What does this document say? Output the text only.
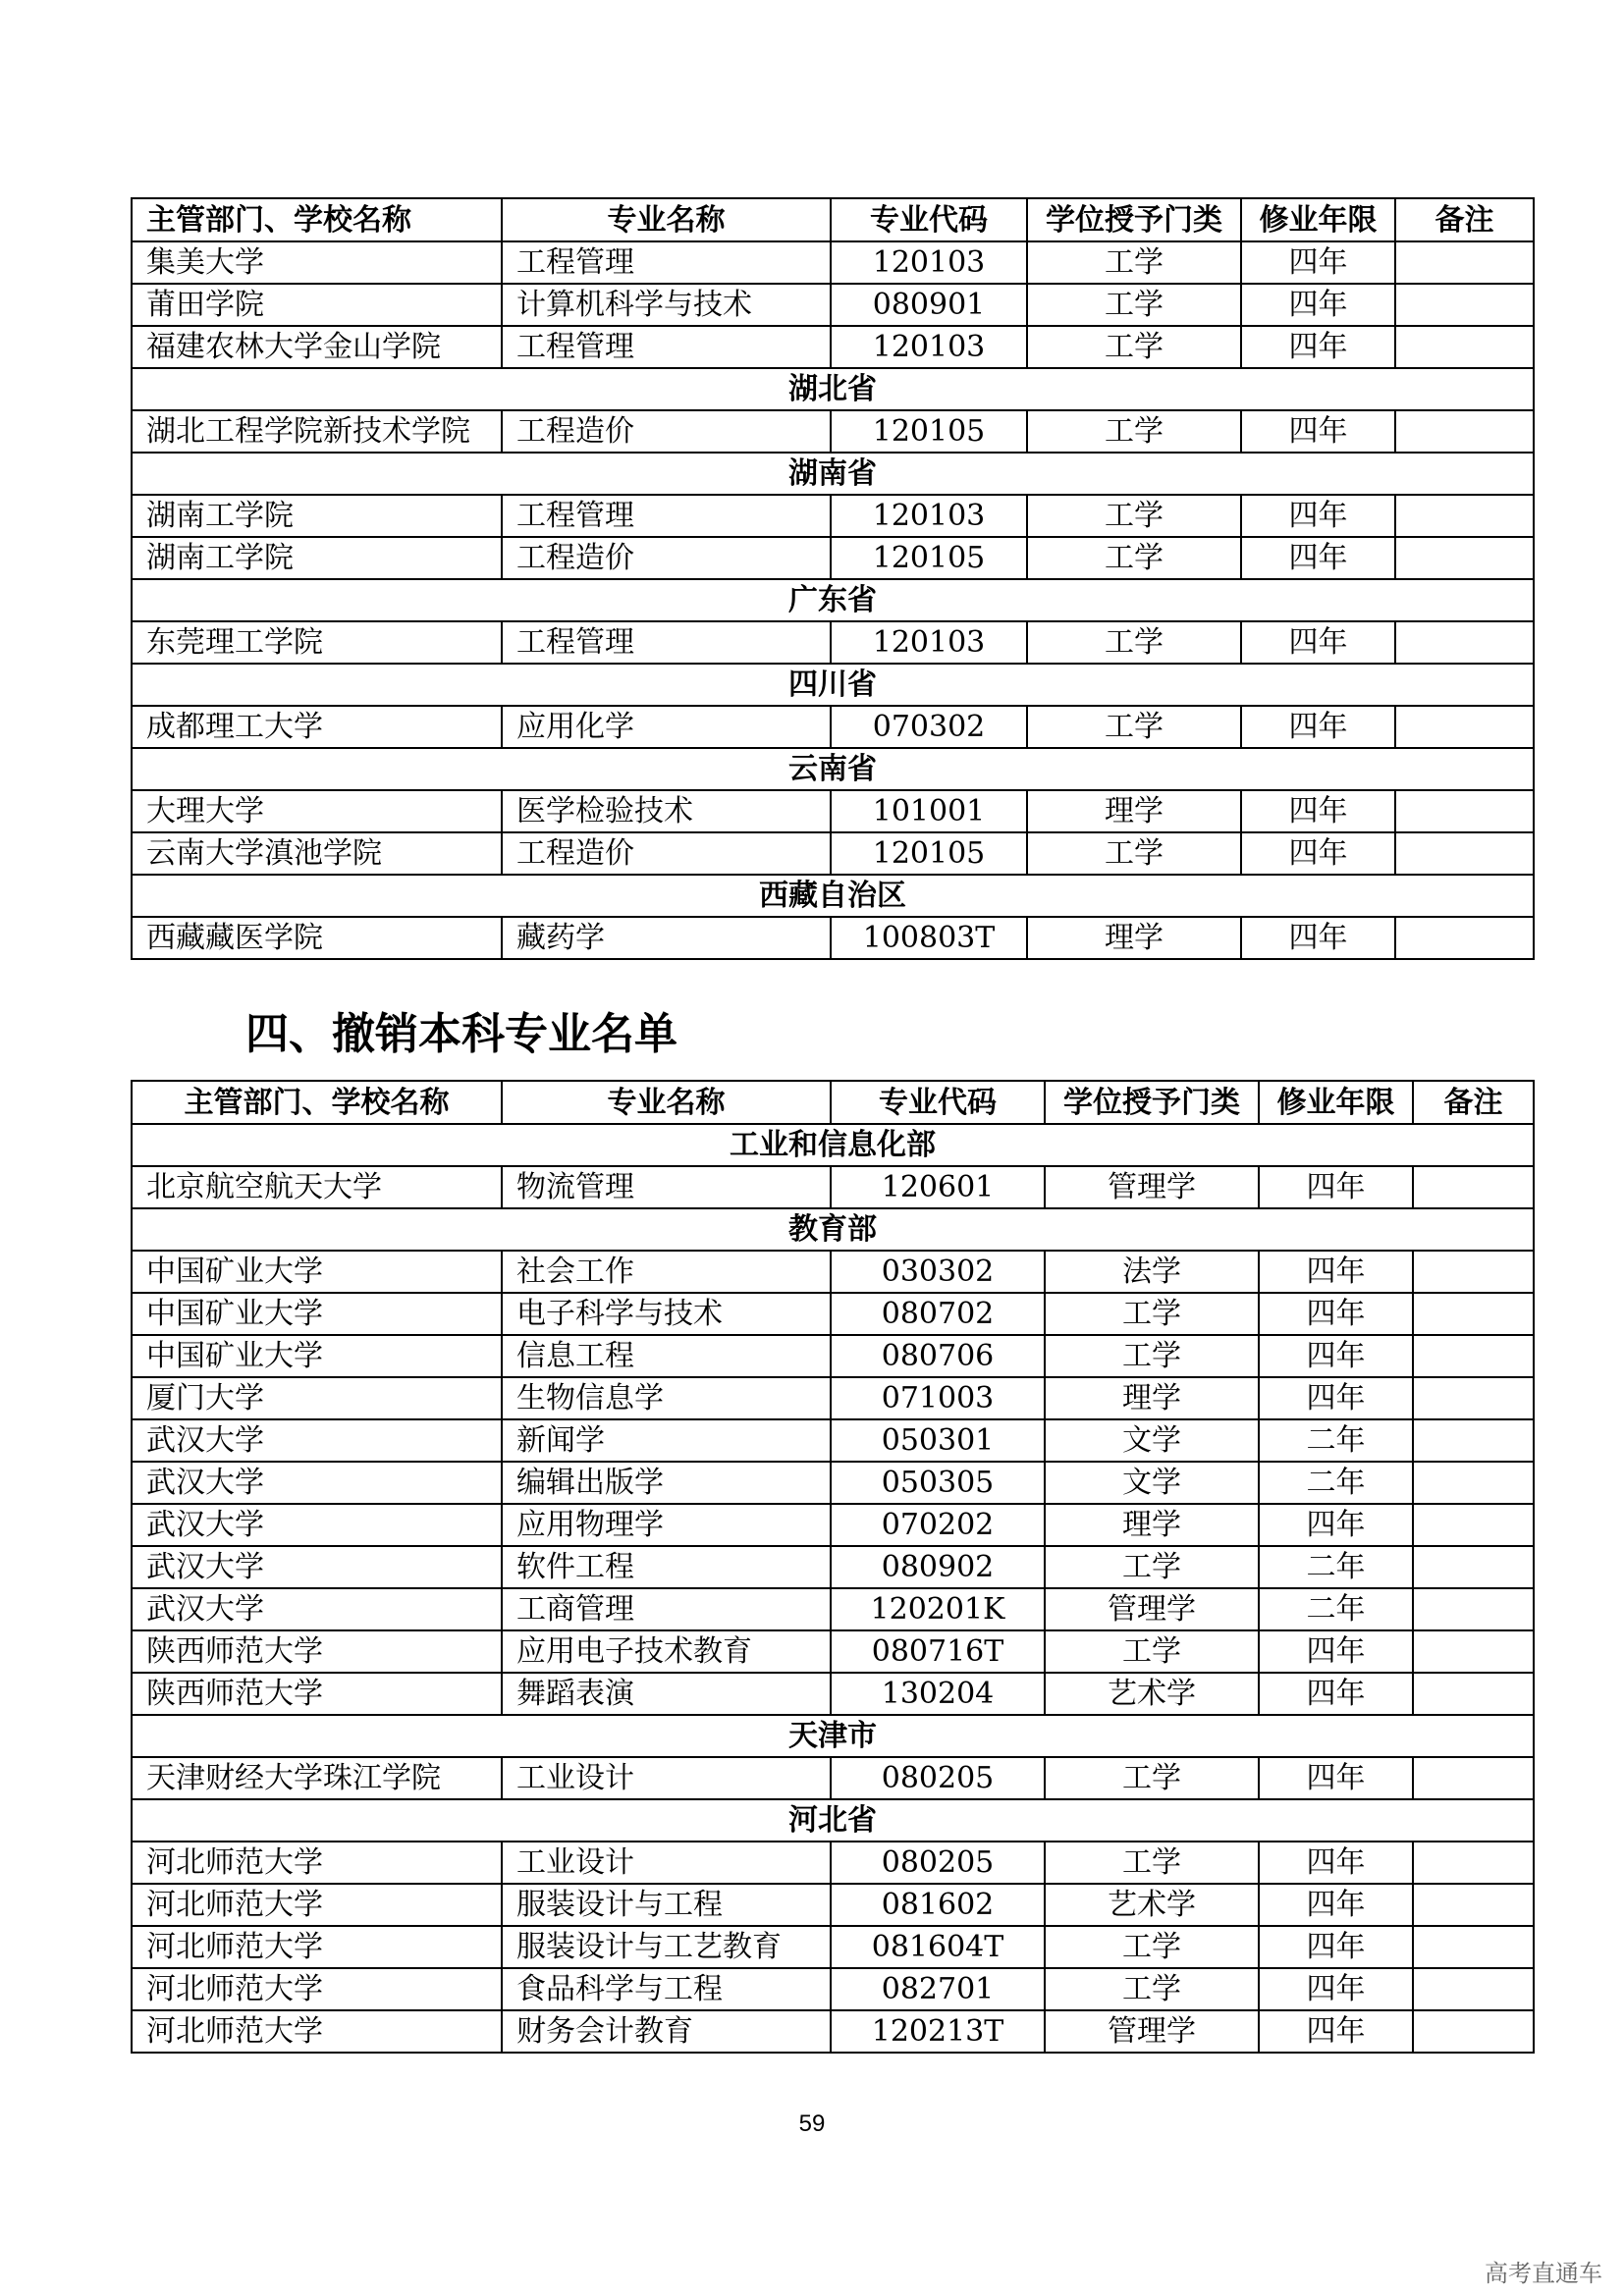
主管部门、学校名称	专业名称	专业代码	学位授予门类	修业年限	备注
集美大学	工程管理	120103	工学	四年	
莆田学院	计算机科学与技术	080901	工学	四年	
福建农林大学金山学院	工程管理	120103	工学	四年	
湖北省					
湖北工程学院新技术学院	工程造价	120105	工学	四年	
湖南省					
湖南工学院	工程管理	120103	工学	四年	
湖南工学院	工程造价	120105	工学	四年	
广东省					
东莞理工学院	工程管理	120103	工学	四年	
四川省					
成都理工大学	应用化学	070302	工学	四年	
云南省					
大理大学	医学检验技术	101001	理学	四年	
云南大学滇池学院	工程造价	120105	工学	四年	
西藏自治区					
西藏藏医学院	藏药学	100803T	理学	四年	
四、撤销本科专业名单
主管部门、学校名称	专业名称	专业代码	学位授予门类	修业年限	备注
工业和信息化部					
北京航空航天大学	物流管理	120601	管理学	四年	
教育部					
中国矿业大学	社会工作	030302	法学	四年	
中国矿业大学	电子科学与技术	080702	工学	四年	
中国矿业大学	信息工程	080706	工学	四年	
厦门大学	生物信息学	071003	理学	四年	
武汉大学	新闻学	050301	文学	二年	
武汉大学	编辑出版学	050305	文学	二年	
武汉大学	应用物理学	070202	理学	四年	
武汉大学	软件工程	080902	工学	二年	
武汉大学	工商管理	120201K	管理学	二年	
陕西师范大学	应用电子技术教育	080716T	工学	四年	
陕西师范大学	舞蹈表演	130204	艺术学	四年	
天津市					
天津财经大学珠江学院	工业设计	080205	工学	四年	
河北省					
河北师范大学	工业设计	080205	工学	四年	
河北师范大学	服装设计与工程	081602	艺术学	四年	
河北师范大学	服装设计与工艺教育	081604T	工学	四年	
河北师范大学	食品科学与工程	082701	工学	四年	
河北师范大学	财务会计教育	120213T	管理学	四年	
59
高考直通车
